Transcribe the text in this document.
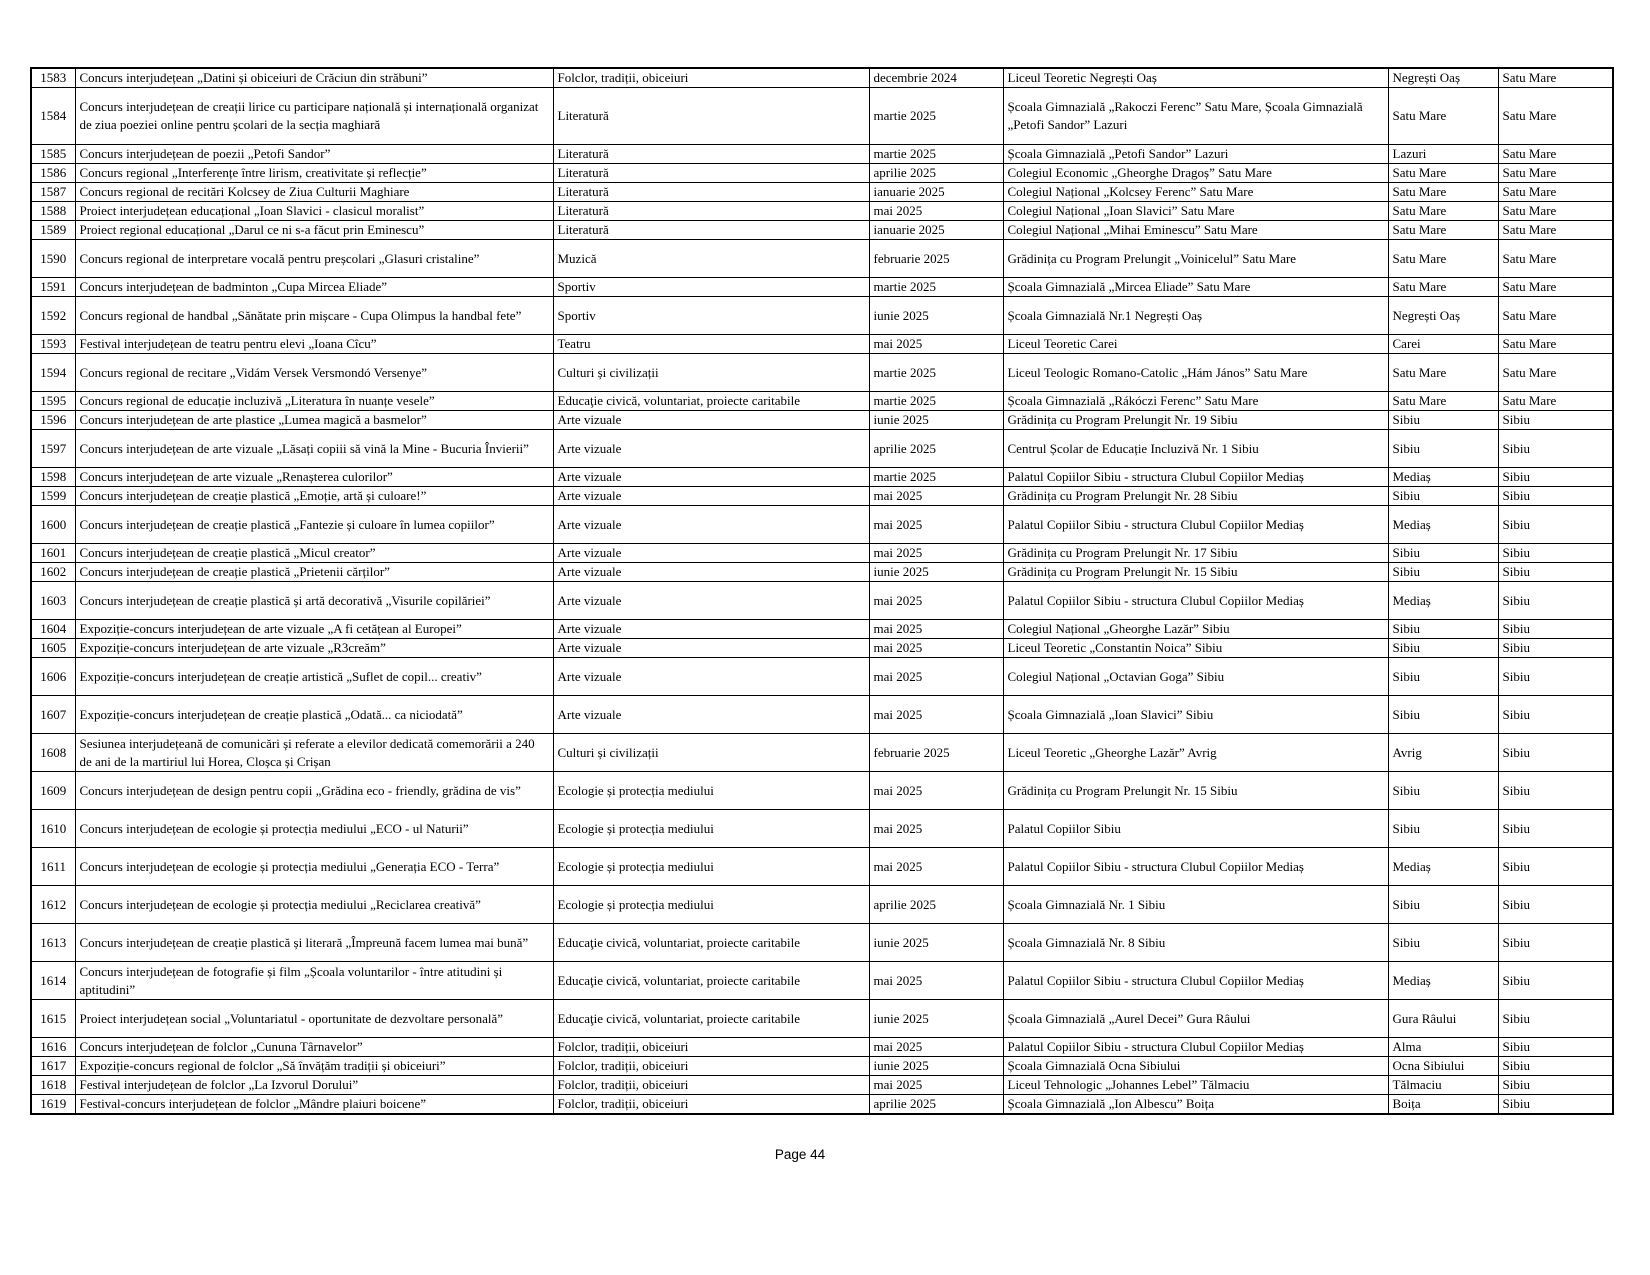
1583	Concurs interjudețean „Datini și obiceiuri de Crăciun din străbuni”	Folclor, tradiții, obiceiuri	decembrie 2024	Liceul Teoretic Negrești Oaș	Negrești Oaș	Satu Mare
1584	Concurs interjudețean de creații lirice cu participare națională și internațională organizat de ziua poeziei online pentru școlari de la secția maghiară	Literatură	martie 2025	Școala Gimnazială „Rakoczi Ferenc” Satu Mare, Școala Gimnazială „Petofi Sandor” Lazuri	Satu Mare	Satu Mare
1585	Concurs interjudețean de poezii „Petofi Sandor”	Literatură	martie 2025	Școala Gimnazială „Petofi Sandor” Lazuri	Lazuri	Satu Mare
1586	Concurs regional „Interferențe între lirism, creativitate și reflecție”	Literatură	aprilie 2025	Colegiul Economic „Gheorghe Dragoș” Satu Mare	Satu Mare	Satu Mare
1587	Concurs regional de recitări Kolcsey de Ziua Culturii Maghiare	Literatură	ianuarie 2025	Colegiul Național „Kolcsey Ferenc” Satu Mare	Satu Mare	Satu Mare
1588	Proiect interjudețean educațional „Ioan Slavici - clasicul moralist”	Literatură	mai 2025	Colegiul Național „Ioan Slavici” Satu Mare	Satu Mare	Satu Mare
1589	Proiect regional educațional „Darul ce ni s-a făcut prin Eminescu”	Literatură	ianuarie 2025	Colegiul Național „Mihai Eminescu” Satu Mare	Satu Mare	Satu Mare
1590	Concurs regional de interpretare vocală pentru preșcolari „Glasuri cristaline”	Muzică	februarie 2025	Grădinița cu Program Prelungit „Voinicelul” Satu Mare	Satu Mare	Satu Mare
1591	Concurs interjudețean de badminton „Cupa Mircea Eliade”	Sportiv	martie 2025	Școala Gimnazială „Mircea Eliade” Satu Mare	Satu Mare	Satu Mare
1592	Concurs regional de handbal „Sănătate prin mișcare - Cupa Olimpus la handbal fete”	Sportiv	iunie 2025	Școala Gimnazială Nr.1 Negrești Oaș	Negrești Oaș	Satu Mare
1593	Festival interjudețean de teatru pentru elevi „Ioana Cîcu”	Teatru	mai 2025	Liceul Teoretic Carei	Carei	Satu Mare
1594	Concurs regional de recitare „Vidám Versek Versmondó Versenye”	Culturi și civilizații	martie 2025	Liceul Teologic Romano-Catolic „Hám János” Satu Mare	Satu Mare	Satu Mare
1595	Concurs regional de educație incluzivă „Literatura în nuanțe vesele”	Educaţie civică, voluntariat, proiecte caritabile	martie 2025	Școala Gimnazială „Rákóczi Ferenc” Satu Mare	Satu Mare	Satu Mare
1596	Concurs interjudețean de arte plastice „Lumea magică a basmelor”	Arte vizuale	iunie 2025	Grădinița cu Program Prelungit Nr. 19 Sibiu	Sibiu	Sibiu
1597	Concurs interjudețean de arte vizuale „Lăsați copiii să vină la Mine - Bucuria Învierii”	Arte vizuale	aprilie 2025	Centrul Școlar de Educație Incluzivă Nr. 1 Sibiu	Sibiu	Sibiu
1598	Concurs interjudețean de arte vizuale „Renașterea culorilor”	Arte vizuale	martie 2025	Palatul Copiilor Sibiu - structura Clubul Copiilor Mediaș	Mediaș	Sibiu
1599	Concurs interjudețean de creație plastică „Emoție, artă și culoare!”	Arte vizuale	mai 2025	Grădinița cu Program Prelungit Nr. 28 Sibiu	Sibiu	Sibiu
1600	Concurs interjudețean de creație plastică „Fantezie și culoare în lumea copiilor”	Arte vizuale	mai 2025	Palatul Copiilor Sibiu - structura Clubul Copiilor Mediaș	Mediaș	Sibiu
1601	Concurs interjudețean de creație plastică „Micul creator”	Arte vizuale	mai 2025	Grădinița cu Program Prelungit Nr. 17 Sibiu	Sibiu	Sibiu
1602	Concurs interjudețean de creație plastică „Prietenii cărților”	Arte vizuale	iunie 2025	Grădinița cu Program Prelungit Nr. 15 Sibiu	Sibiu	Sibiu
1603	Concurs interjudețean de creație plastică și artă decorativă „Visurile copilăriei”	Arte vizuale	mai 2025	Palatul Copiilor Sibiu - structura Clubul Copiilor Mediaș	Mediaș	Sibiu
1604	Expoziție-concurs interjudețean de arte vizuale „A fi cetățean al Europei”	Arte vizuale	mai 2025	Colegiul Național „Gheorghe Lazăr” Sibiu	Sibiu	Sibiu
1605	Expoziție-concurs interjudețean de arte vizuale „R3creăm”	Arte vizuale	mai 2025	Liceul Teoretic „Constantin Noica” Sibiu	Sibiu	Sibiu
1606	Expoziție-concurs interjudețean de creație artistică „Suflet de copil... creativ”	Arte vizuale	mai 2025	Colegiul Național „Octavian Goga” Sibiu	Sibiu	Sibiu
1607	Expoziție-concurs interjudețean de creație plastică „Odată... ca niciodată”	Arte vizuale	mai 2025	Școala Gimnazială „Ioan Slavici” Sibiu	Sibiu	Sibiu
1608	Sesiunea interjudețeană de comunicări și referate a elevilor dedicată comemorării a 240 de ani de la martiriul lui Horea, Cloșca și Crișan	Culturi și civilizații	februarie 2025	Liceul Teoretic „Gheorghe Lazăr” Avrig	Avrig	Sibiu
1609	Concurs interjudețean de design pentru copii „Grădina eco - friendly, grădina de vis”	Ecologie și protecția mediului	mai 2025	Grădinița cu Program Prelungit Nr. 15 Sibiu	Sibiu	Sibiu
1610	Concurs interjudețean de ecologie și protecția mediului „ECO - ul Naturii”	Ecologie și protecția mediului	mai 2025	Palatul Copiilor Sibiu	Sibiu	Sibiu
1611	Concurs interjudețean de ecologie și protecția mediului „Generația ECO - Terra”	Ecologie și protecția mediului	mai 2025	Palatul Copiilor Sibiu - structura Clubul Copiilor Mediaș	Mediaș	Sibiu
1612	Concurs interjudețean de ecologie și protecția mediului „Reciclarea creativă”	Ecologie și protecția mediului	aprilie 2025	Școala Gimnazială Nr. 1 Sibiu	Sibiu	Sibiu
1613	Concurs interjudețean de creație plastică și literară „Împreună facem lumea mai bună”	Educaţie civică, voluntariat, proiecte caritabile	iunie 2025	Școala Gimnazială Nr. 8 Sibiu	Sibiu	Sibiu
1614	Concurs interjudețean de fotografie și film „Școala voluntarilor - între atitudini și aptitudini”	Educaţie civică, voluntariat, proiecte caritabile	mai 2025	Palatul Copiilor Sibiu - structura Clubul Copiilor Mediaș	Mediaș	Sibiu
1615	Proiect interjudețean social „Voluntariatul - oportunitate de dezvoltare personală”	Educaţie civică, voluntariat, proiecte caritabile	iunie 2025	Școala Gimnazială „Aurel Decei” Gura Râului	Gura Râului	Sibiu
1616	Concurs interjudețean de folclor „Cununa Târnavelor”	Folclor, tradiții, obiceiuri	mai 2025	Palatul Copiilor Sibiu - structura Clubul Copiilor Mediaș	Alma	Sibiu
1617	Expoziție-concurs regional de folclor „Să învățăm tradiții și obiceiuri”	Folclor, tradiții, obiceiuri	iunie 2025	Școala Gimnazială Ocna Sibiului	Ocna Sibiului	Sibiu
1618	Festival interjudețean de folclor „La Izvorul Dorului”	Folclor, tradiții, obiceiuri	mai 2025	Liceul Tehnologic „Johannes Lebel” Tălmaciu	Tălmaciu	Sibiu
1619	Festival-concurs interjudețean de folclor „Mândre plaiuri boicene”	Folclor, tradiții, obiceiuri	aprilie 2025	Școala Gimnazială „Ion Albescu” Boița	Boița	Sibiu
Page 44
